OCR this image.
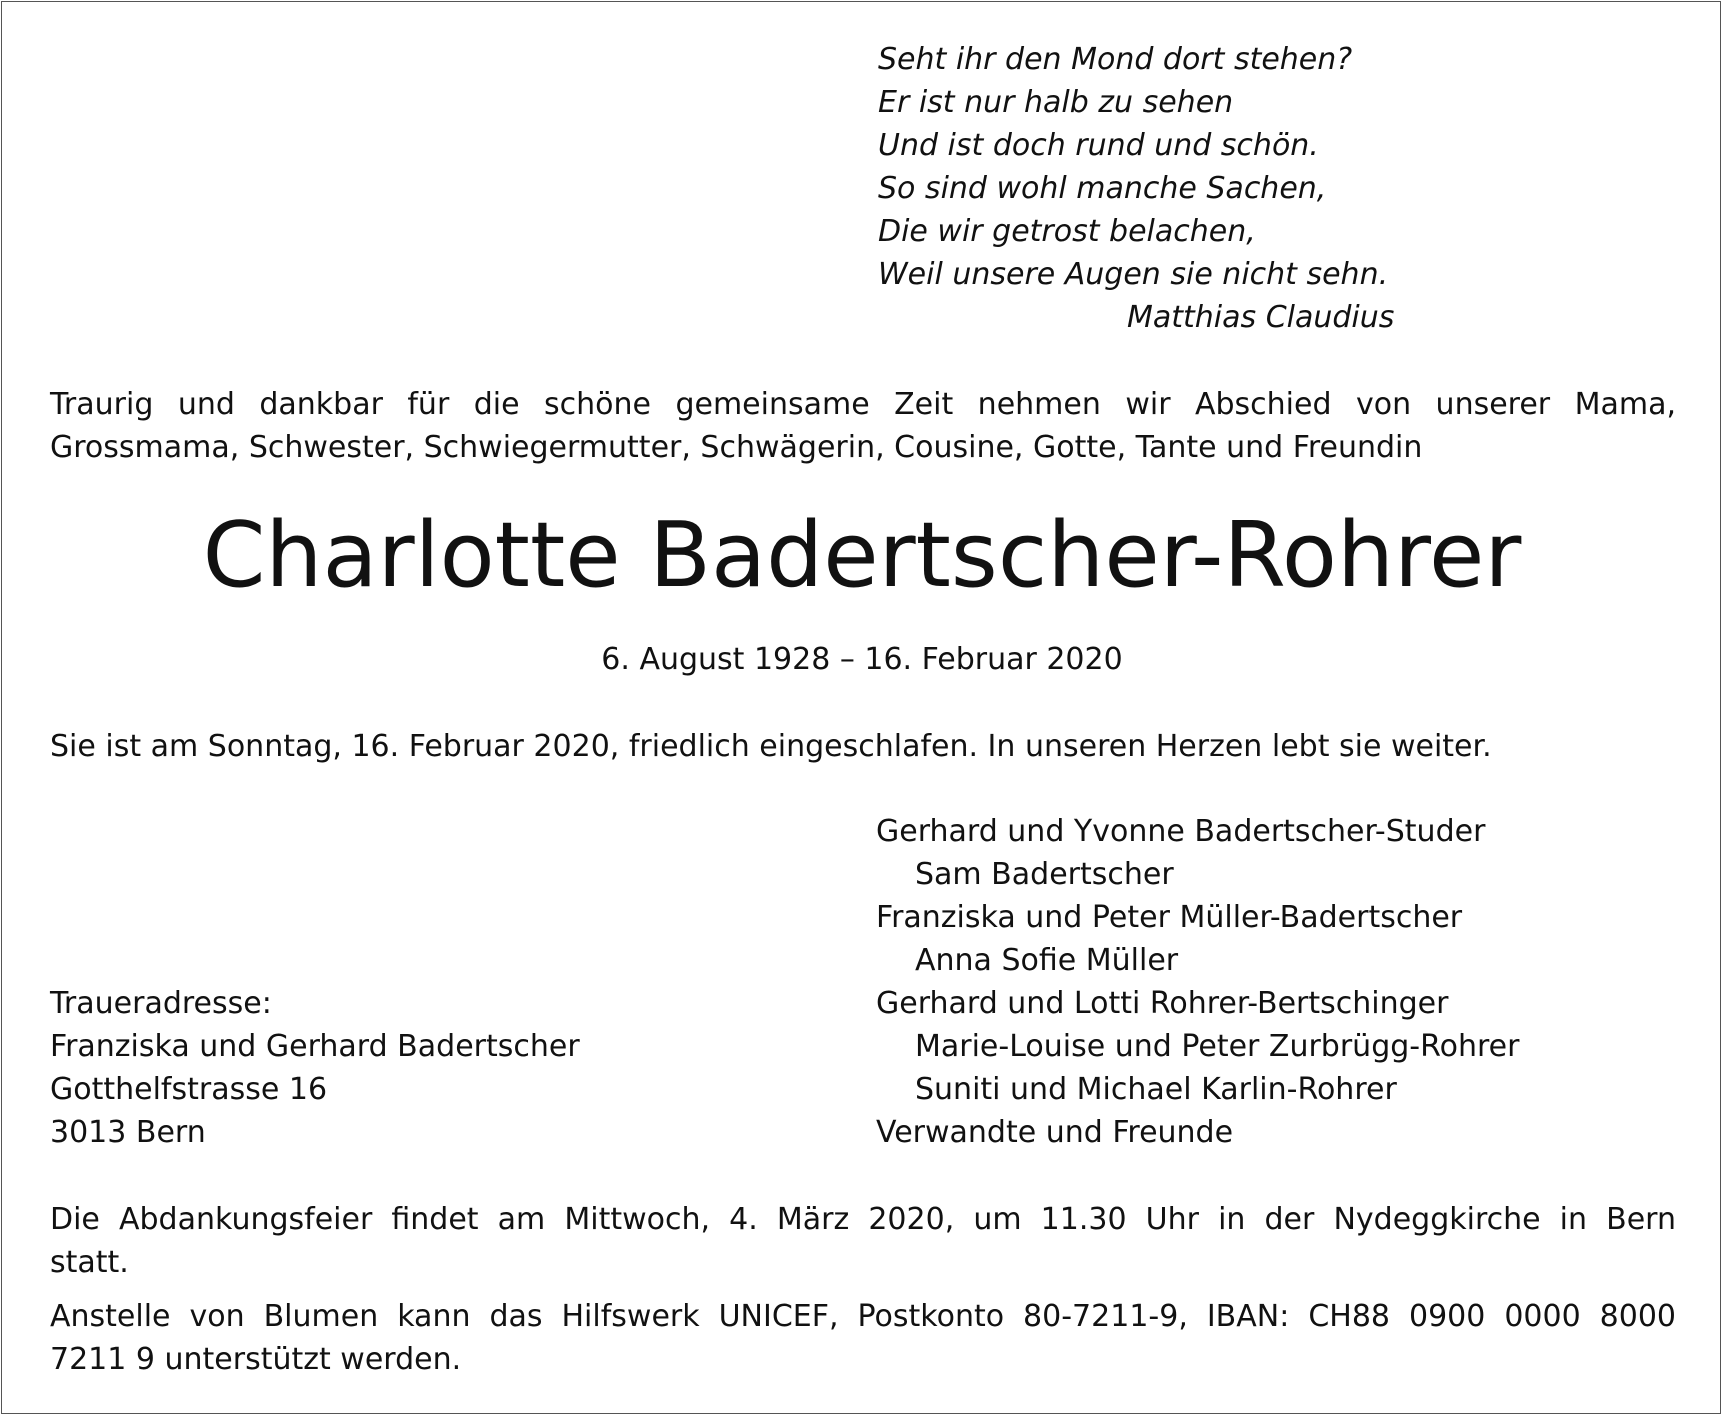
Seht ihr den Mond dort stehen?
Er ist nur halb zu sehen
Und ist doch rund und schön.
So sind wohl manche Sachen,
Die wir getrost belachen,
Weil unsere Augen sie nicht sehn.
Matthias Claudius
Traurig und dankbar für die schöne gemeinsame Zeit nehmen wir Abschied von unserer Mama,
Grossmama, Schwester, Schwiegermutter, Schwägerin, Cousine, Gotte, Tante und Freundin
Charlotte Badertscher-Rohrer
6. August 1928 – 16. Februar 2020
Sie ist am Sonntag, 16. Februar 2020, friedlich eingeschlafen. In unseren Herzen lebt sie weiter.
Gerhard und Yvonne Badertscher-Studer
Sam Badertscher
Franziska und Peter Müller-Badertscher
Anna Sofie Müller
Gerhard und Lotti Rohrer-Bertschinger
Marie-Louise und Peter Zurbrügg-Rohrer
Suniti und Michael Karlin-Rohrer
Verwandte und Freunde
Traueradresse:
Franziska und Gerhard Badertscher
Gotthelfstrasse 16
3013 Bern
Die Abdankungsfeier findet am Mittwoch, 4. März 2020, um 11.30 Uhr in der Nydeggkirche in Bern
statt.
Anstelle von Blumen kann das Hilfswerk UNICEF, Postkonto 80-7211-9, IBAN: CH88 0900 0000 8000
7211 9 unterstützt werden.
